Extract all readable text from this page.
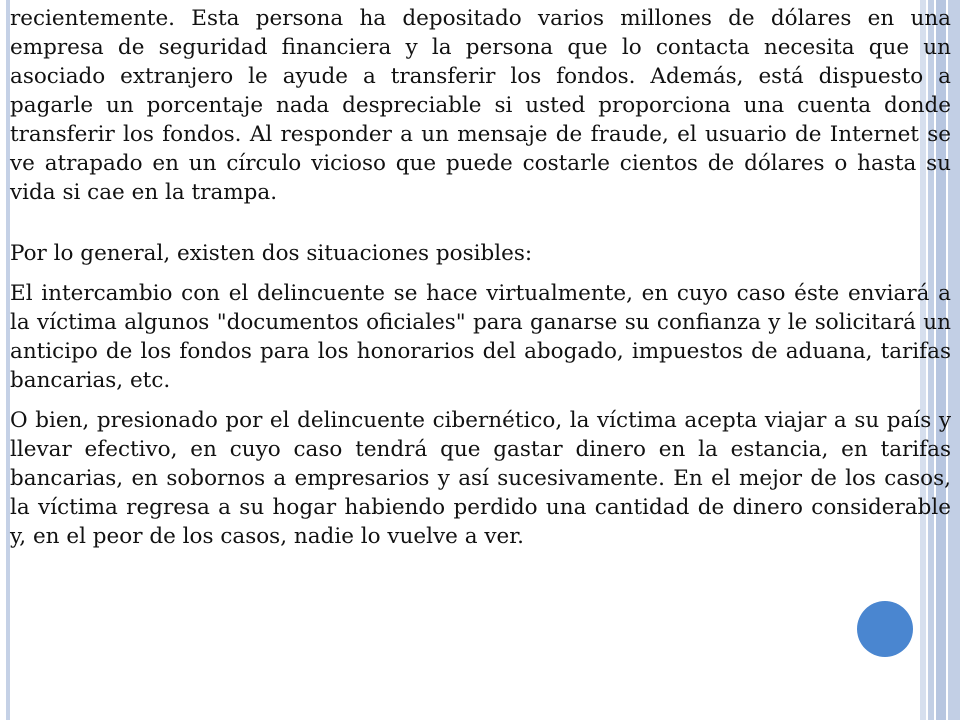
recientemente. Esta persona ha depositado varios millones de dólares en una empresa de seguridad financiera y la persona que lo contacta necesita que un asociado extranjero le ayude a transferir los fondos. Además, está dispuesto a pagarle un porcentaje nada despreciable si usted proporciona una cuenta donde transferir los fondos. Al responder a un mensaje de fraude, el usuario de Internet se ve atrapado en un círculo vicioso que puede costarle cientos de dólares o hasta su vida si cae en la trampa.

Por lo general, existen dos situaciones posibles:

El intercambio con el delincuente se hace virtualmente, en cuyo caso éste enviará a la víctima algunos "documentos oficiales" para ganarse su confianza y le solicitará un anticipo de los fondos para los honorarios del abogado, impuestos de aduana, tarifas bancarias, etc.

O bien, presionado por el delincuente cibernético, la víctima acepta viajar a su país y llevar efectivo, en cuyo caso tendrá que gastar dinero en la estancia, en tarifas bancarias, en sobornos a empresarios y así sucesivamente. En el mejor de los casos, la víctima regresa a su hogar habiendo perdido una cantidad de dinero considerable y, en el peor de los casos, nadie lo vuelve a ver.
